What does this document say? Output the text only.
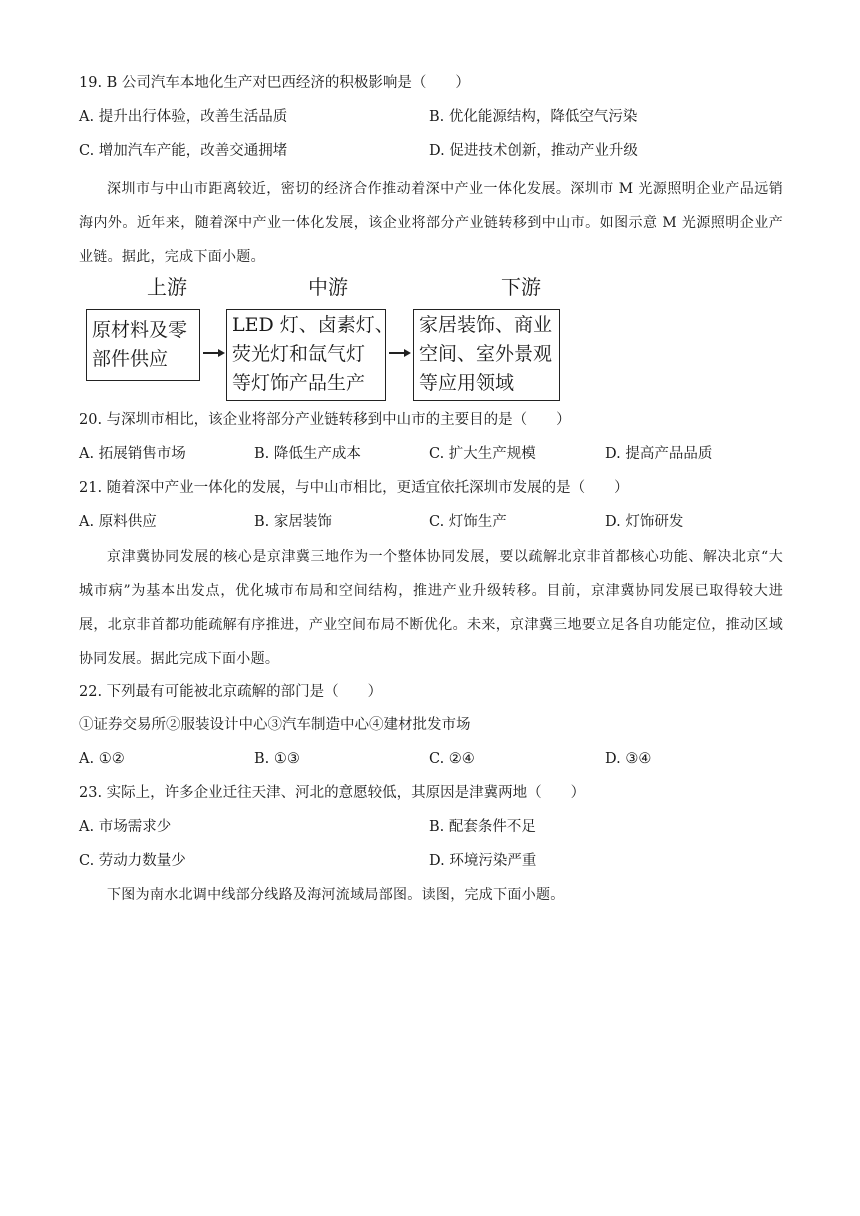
19. B 公司汽车本地化生产对巴西经济的积极影响是（　　）
A. 提升出行体验，改善生活品质	B. 优化能源结构，降低空气污染
C. 增加汽车产能，改善交通拥堵	D. 促进技术创新，推动产业升级
深圳市与中山市距离较近，密切的经济合作推动着深中产业一体化发展。深圳市 M 光源照明企业产品远销海内外。近年来，随着深中产业一体化发展，该企业将部分产业链转移到中山市。如图示意 M 光源照明企业产业链。据此，完成下面小题。
上游	中游	下游
原材料及零
部件供应
LED 灯、卤素灯、
荧光灯和氙气灯
等灯饰产品生产
家居装饰、商业
空间、室外景观
等应用领域
20. 与深圳市相比，该企业将部分产业链转移到中山市的主要目的是（　　）
A. 拓展销售市场	B. 降低生产成本	C. 扩大生产规模	D. 提高产品品质
21. 随着深中产业一体化的发展，与中山市相比，更适宜依托深圳市发展的是（　　）
A. 原料供应	B. 家居装饰	C. 灯饰生产	D. 灯饰研发
京津冀协同发展的核心是京津冀三地作为一个整体协同发展，要以疏解北京非首都核心功能、解决北京“大城市病”为基本出发点，优化城市布局和空间结构，推进产业升级转移。目前，京津冀协同发展已取得较大进展，北京非首都功能疏解有序推进，产业空间布局不断优化。未来，京津冀三地要立足各自功能定位，推动区域协同发展。据此完成下面小题。
22. 下列最有可能被北京疏解的部门是（　　）
①证券交易所②服装设计中心③汽车制造中心④建材批发市场
A. ①②	B. ①③	C. ②④	D. ③④
23. 实际上，许多企业迁往天津、河北的意愿较低，其原因是津冀两地（　　）
A. 市场需求少	B. 配套条件不足
C. 劳动力数量少	D. 环境污染严重
下图为南水北调中线部分线路及海河流域局部图。读图，完成下面小题。
